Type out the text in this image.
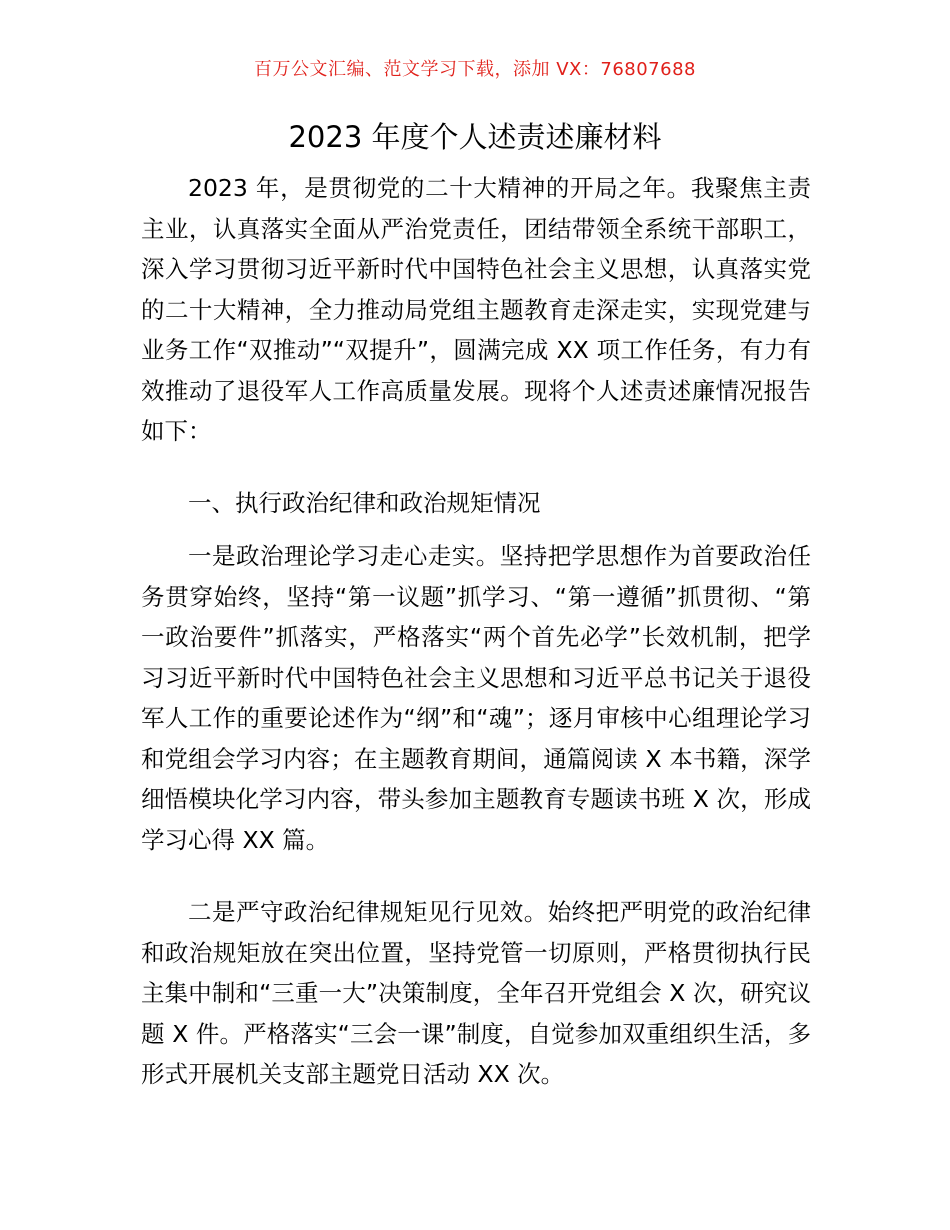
百万公文汇编、范文学习下载，添加 VX：76807688
2023 年度个人述责述廉材料

2023 年，是贯彻党的二十大精神的开局之年。我聚焦主责主业，认真落实全面从严治党责任，团结带领全系统干部职工，深入学习贯彻习近平新时代中国特色社会主义思想，认真落实党的二十大精神，全力推动局党组主题教育走深走实，实现党建与业务工作“双推动”“双提升”，圆满完成 XX 项工作任务，有力有效推动了退役军人工作高质量发展。现将个人述责述廉情况报告如下：

一、执行政治纪律和政治规矩情况

一是政治理论学习走心走实。坚持把学思想作为首要政治任务贯穿始终，坚持“第一议题”抓学习、“第一遵循”抓贯彻、“第一政治要件”抓落实，严格落实“两个首先必学”长效机制，把学习习近平新时代中国特色社会主义思想和习近平总书记关于退役军人工作的重要论述作为“纲”和“魂”；逐月审核中心组理论学习和党组会学习内容；在主题教育期间，通篇阅读 X 本书籍，深学细悟模块化学习内容，带头参加主题教育专题读书班 X 次，形成学习心得 XX 篇。

二是严守政治纪律规矩见行见效。始终把严明党的政治纪律和政治规矩放在突出位置，坚持党管一切原则，严格贯彻执行民主集中制和“三重一大”决策制度，全年召开党组会 X 次，研究议题 X 件。严格落实“三会一课”制度，自觉参加双重组织生活，多形式开展机关支部主题党日活动 XX 次。
